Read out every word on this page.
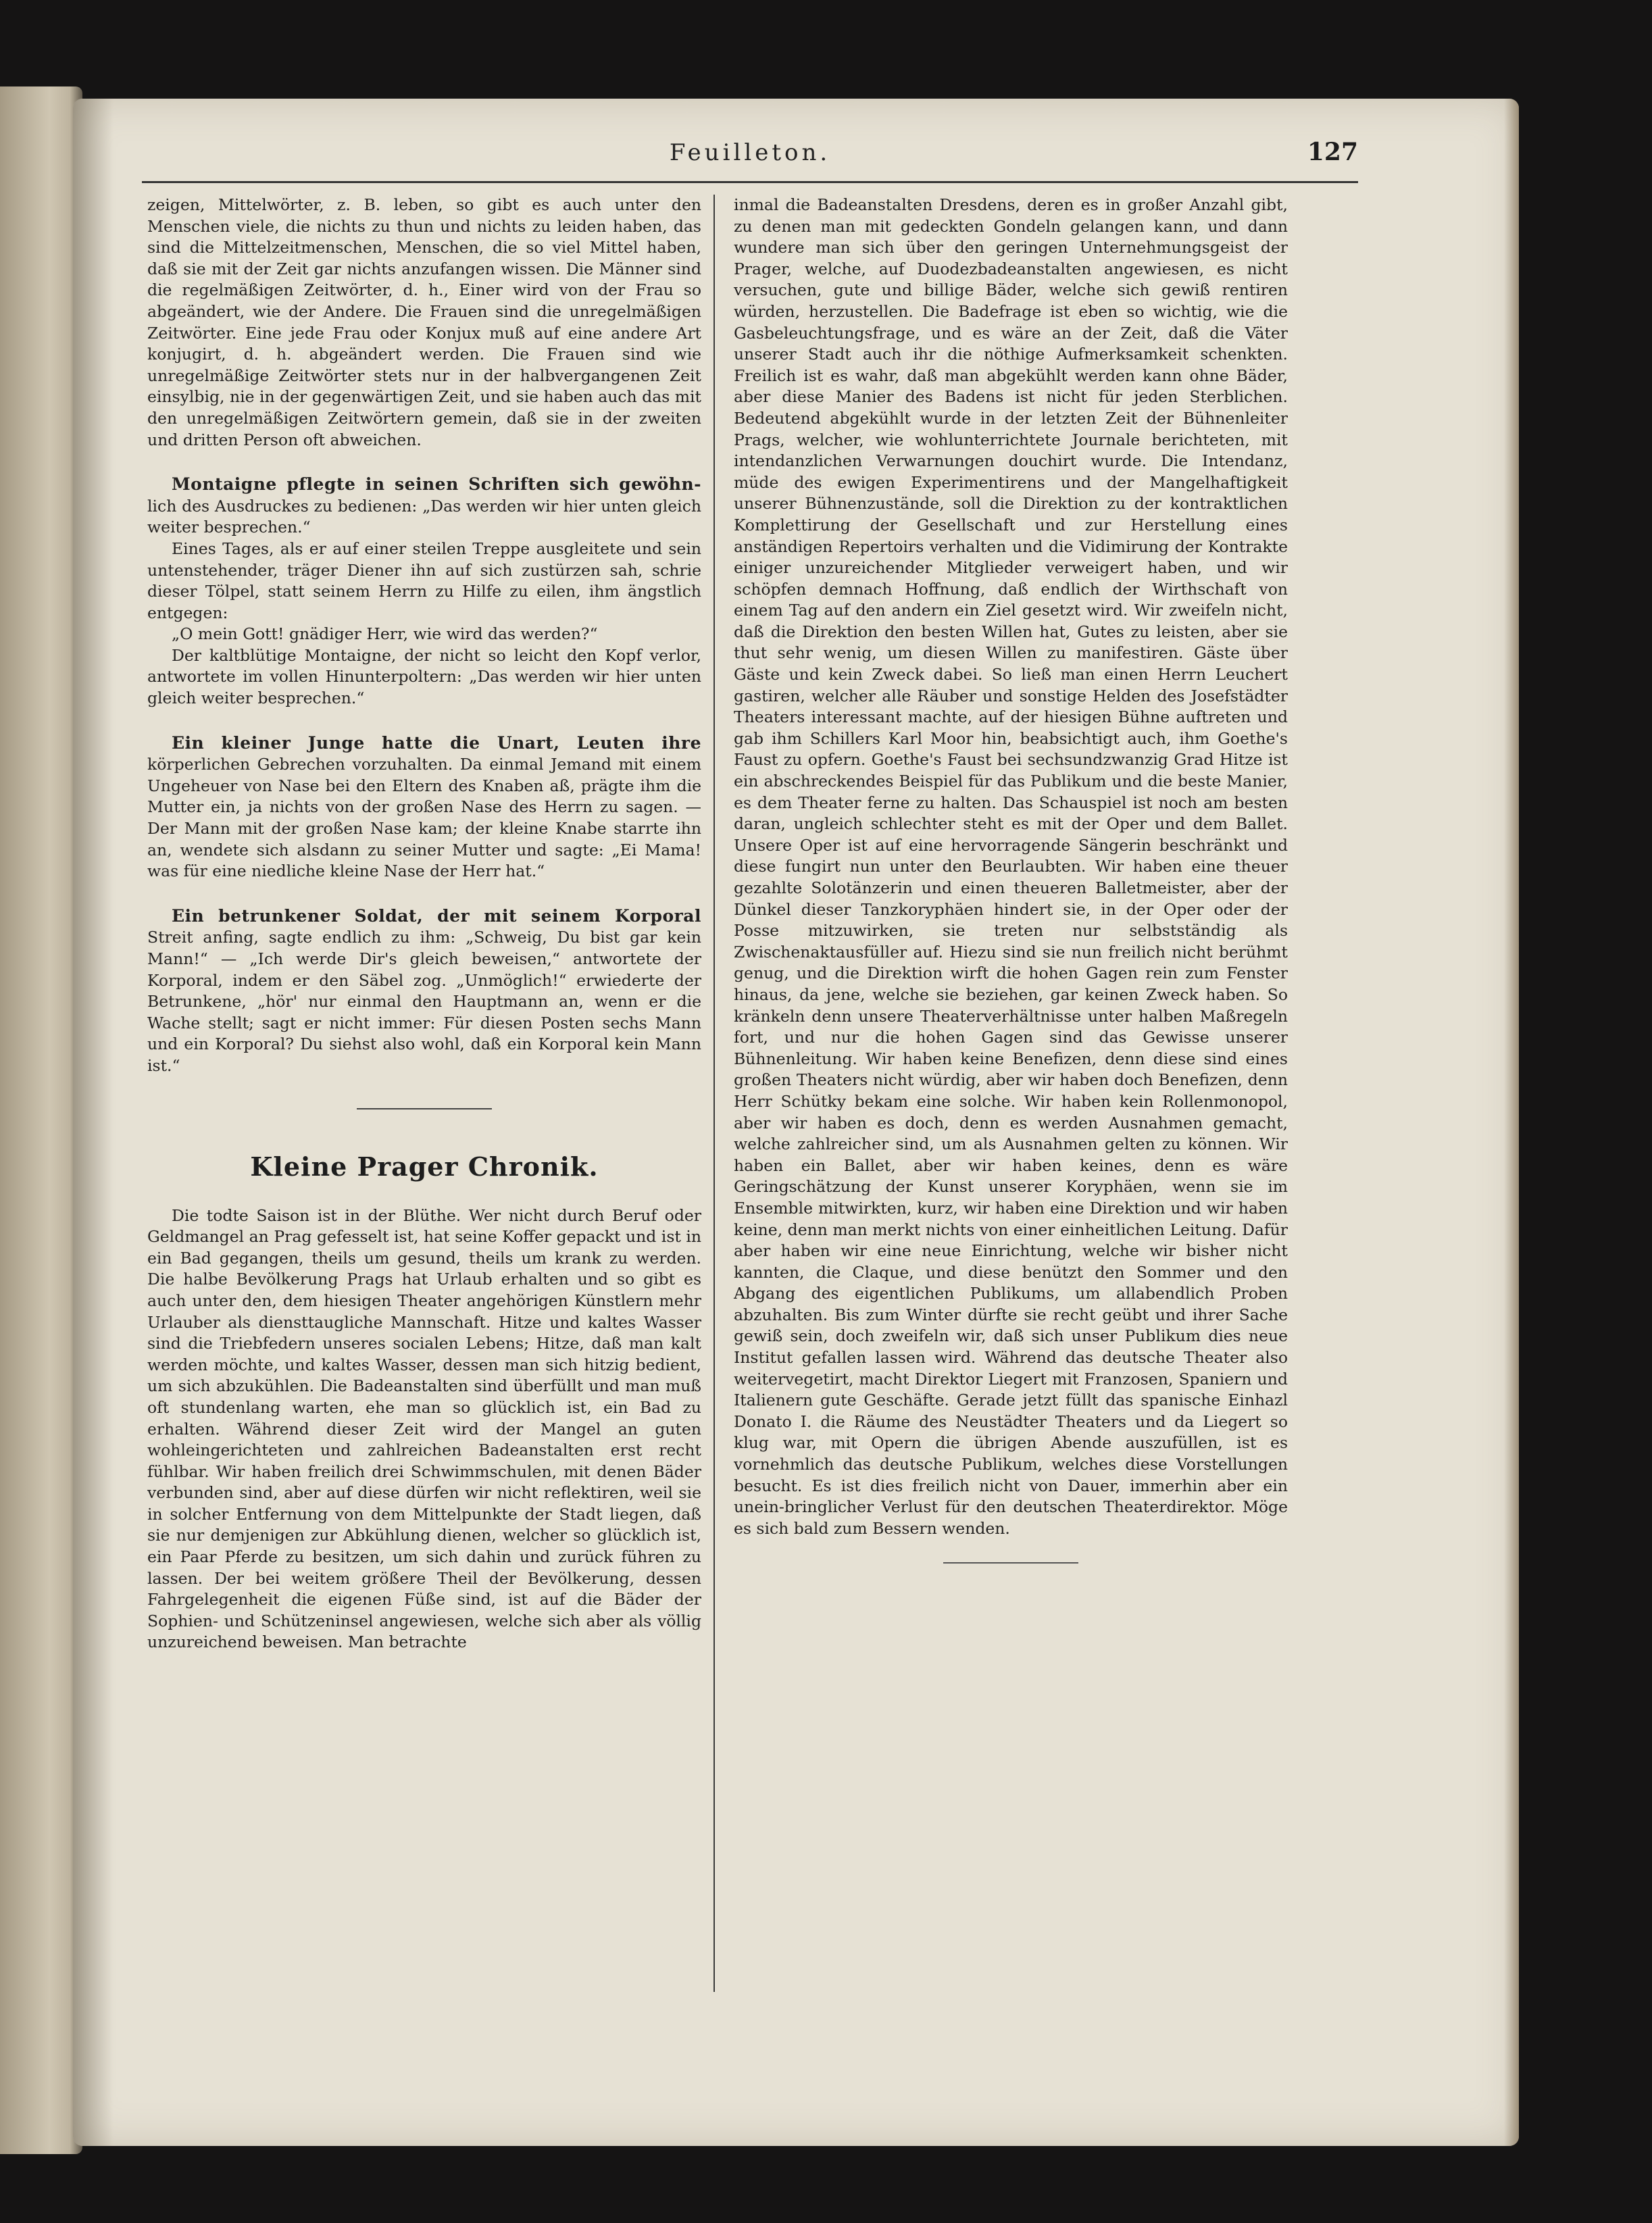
Feuilleton.	127

zeigen, Mittelwörter, z. B. leben, so gibt es auch unter den Menschen viele, die nichts zu thun und nichts zu leiden haben, das sind die Mittelzeitmenschen, Menschen, die so viel Mittel haben, daß sie mit der Zeit gar nichts anzufangen wissen. Die Männer sind die regelmäßigen Zeitwörter, d. h., Einer wird von der Frau so abgeändert, wie der Andere. Die Frauen sind die unregelmäßigen Zeitwörter. Eine jede Frau oder Konjux muß auf eine andere Art konjugirt, d. h. abgeändert werden. Die Frauen sind wie unregelmäßige Zeitwörter stets nur in der halbvergangenen Zeit einsylbig, nie in der gegenwärtigen Zeit, und sie haben auch das mit den unregelmäßigen Zeitwörtern gemein, daß sie in der zweiten und dritten Person oft abweichen.

Montaigne pflegte in seinen Schriften sich gewöhn- lich des Ausdruckes zu bedienen: „Das werden wir hier unten gleich weiter besprechen.“

Eines Tages, als er auf einer steilen Treppe ausgleitete und sein untenstehender, träger Diener ihn auf sich zustürzen sah, schrie dieser Tölpel, statt seinem Herrn zu Hilfe zu eilen, ihm ängstlich entgegen:

„O mein Gott! gnädiger Herr, wie wird das werden?“

Der kaltblütige Montaigne, der nicht so leicht den Kopf verlor, antwortete im vollen Hinunterpoltern: „Das werden wir hier unten gleich weiter besprechen.“

Ein kleiner Junge hatte die Unart, Leuten ihre körperlichen Gebrechen vorzuhalten. Da einmal Jemand mit einem Ungeheuer von Nase bei den Eltern des Knaben aß, prägte ihm die Mutter ein, ja nichts von der großen Nase des Herrn zu sagen. — Der Mann mit der großen Nase kam; der kleine Knabe starrte ihn an, wendete sich alsdann zu seiner Mutter und sagte: „Ei Mama! was für eine niedliche kleine Nase der Herr hat.“

Ein betrunkener Soldat, der mit seinem Korporal Streit anfing, sagte endlich zu ihm: „Schweig, Du bist gar kein Mann!“ — „Ich werde Dir's gleich beweisen,“ antwortete der Korporal, indem er den Säbel zog. „Unmöglich!“ erwiederte der Betrunkene, „hör' nur einmal den Hauptmann an, wenn er die Wache stellt; sagt er nicht immer: Für diesen Posten sechs Mann und ein Korporal? Du siehst also wohl, daß ein Korporal kein Mann ist.“

Kleine Prager Chronik.

Die todte Saison ist in der Blüthe. Wer nicht durch Beruf oder Geldmangel an Prag gefesselt ist, hat seine Koffer gepackt und ist in ein Bad gegangen, theils um gesund, theils um krank zu werden. Die halbe Bevölkerung Prags hat Urlaub erhalten und so gibt es auch unter den, dem hiesigen Theater angehörigen Künstlern mehr Urlauber als diensttaugliche Mannschaft. Hitze und kaltes Wasser sind die Triebfedern unseres socialen Lebens; Hitze, daß man kalt werden möchte, und kaltes Wasser, dessen man sich hitzig bedient, um sich abzukühlen. Die Badeanstalten sind überfüllt und man muß oft stundenlang warten, ehe man so glücklich ist, ein Bad zu erhalten. Während dieser Zeit wird der Mangel an guten wohleingerichteten und zahlreichen Badeanstalten erst recht fühlbar. Wir haben freilich drei Schwimmschulen, mit denen Bäder verbunden sind, aber auf diese dürfen wir nicht reflektiren, weil sie in solcher Entfernung von dem Mittelpunkte der Stadt liegen, daß sie nur demjenigen zur Abkühlung dienen, welcher so glücklich ist, ein Paar Pferde zu besitzen, um sich dahin und zurück führen zu lassen. Der bei weitem größere Theil der Bevölkerung, dessen Fahrgelegenheit die eigenen Füße sind, ist auf die Bäder der Sophien- und Schützeninsel angewiesen, welche sich aber als völlig unzureichend beweisen. Man betrachte

inmal die Badeanstalten Dresdens, deren es in großer Anzahl gibt, zu denen man mit gedeckten Gondeln gelangen kann, und dann wundere man sich über den geringen Unternehmungsgeist der Prager, welche, auf Duodezbadeanstalten angewiesen, es nicht versuchen, gute und billige Bäder, welche sich gewiß rentiren würden, herzustellen. Die Badefrage ist eben so wichtig, wie die Gasbeleuchtungsfrage, und es wäre an der Zeit, daß die Väter unserer Stadt auch ihr die nöthige Aufmerksamkeit schenkten. Freilich ist es wahr, daß man abgekühlt werden kann ohne Bäder, aber diese Manier des Badens ist nicht für jeden Sterblichen. Bedeutend abgekühlt wurde in der letzten Zeit der Bühnenleiter Prags, welcher, wie wohlunterrichtete Journale berichteten, mit intendanzlichen Verwarnungen douchirt wurde. Die Intendanz, müde des ewigen Experimentirens und der Mangelhaftigkeit unserer Bühnenzustände, soll die Direktion zu der kontraktlichen Komplettirung der Gesellschaft und zur Herstellung eines anständigen Repertoirs verhalten und die Vidimirung der Kontrakte einiger unzureichender Mitglieder verweigert haben, und wir schöpfen demnach Hoffnung, daß endlich der Wirthschaft von einem Tag auf den andern ein Ziel gesetzt wird. Wir zweifeln nicht, daß die Direktion den besten Willen hat, Gutes zu leisten, aber sie thut sehr wenig, um diesen Willen zu manifestiren. Gäste über Gäste und kein Zweck dabei. So ließ man einen Herrn Leuchert gastiren, welcher alle Räuber und sonstige Helden des Josefstädter Theaters interessant machte, auf der hiesigen Bühne auftreten und gab ihm Schillers Karl Moor hin, beabsichtigt auch, ihm Goethe's Faust zu opfern. Goethe's Faust bei sechsundzwanzig Grad Hitze ist ein abschreckendes Beispiel für das Publikum und die beste Manier, es dem Theater ferne zu halten. Das Schauspiel ist noch am besten daran, ungleich schlechter steht es mit der Oper und dem Ballet. Unsere Oper ist auf eine hervorragende Sängerin beschränkt und diese fungirt nun unter den Beurlaubten. Wir haben eine theuer gezahlte Solotänzerin und einen theueren Balletmeister, aber der Dünkel dieser Tanzkoryphäen hindert sie, in der Oper oder der Posse mitzuwirken, sie treten nur selbstständig als Zwischenaktausfüller auf. Hiezu sind sie nun freilich nicht berühmt genug, und die Direktion wirft die hohen Gagen rein zum Fenster hinaus, da jene, welche sie beziehen, gar keinen Zweck haben. So kränkeln denn unsere Theaterverhältnisse unter halben Maßregeln fort, und nur die hohen Gagen sind das Gewisse unserer Bühnenleitung. Wir haben keine Benefizen, denn diese sind eines großen Theaters nicht würdig, aber wir haben doch Benefizen, denn Herr Schütky bekam eine solche. Wir haben kein Rollenmonopol, aber wir haben es doch, denn es werden Ausnahmen gemacht, welche zahlreicher sind, um als Ausnahmen gelten zu können. Wir haben ein Ballet, aber wir haben keines, denn es wäre Geringschätzung der Kunst unserer Koryphäen, wenn sie im Ensemble mitwirkten, kurz, wir haben eine Direktion und wir haben keine, denn man merkt nichts von einer einheitlichen Leitung. Dafür aber haben wir eine neue Einrichtung, welche wir bisher nicht kannten, die Claque, und diese benützt den Sommer und den Abgang des eigentlichen Publikums, um allabendlich Proben abzuhalten. Bis zum Winter dürfte sie recht geübt und ihrer Sache gewiß sein, doch zweifeln wir, daß sich unser Publikum dies neue Institut gefallen lassen wird. Während das deutsche Theater also weitervegetirt, macht Direktor Liegert mit Franzosen, Spaniern und Italienern gute Geschäfte. Gerade jetzt füllt das spanische Einhazl Donato I. die Räume des Neustädter Theaters und da Liegert so klug war, mit Opern die übrigen Abende auszufüllen, ist es vornehmlich das deutsche Publikum, welches diese Vorstellungen besucht. Es ist dies freilich nicht von Dauer, immerhin aber ein unein-bringlicher Verlust für den deutschen Theaterdirektor. Möge es sich bald zum Bessern wenden.
